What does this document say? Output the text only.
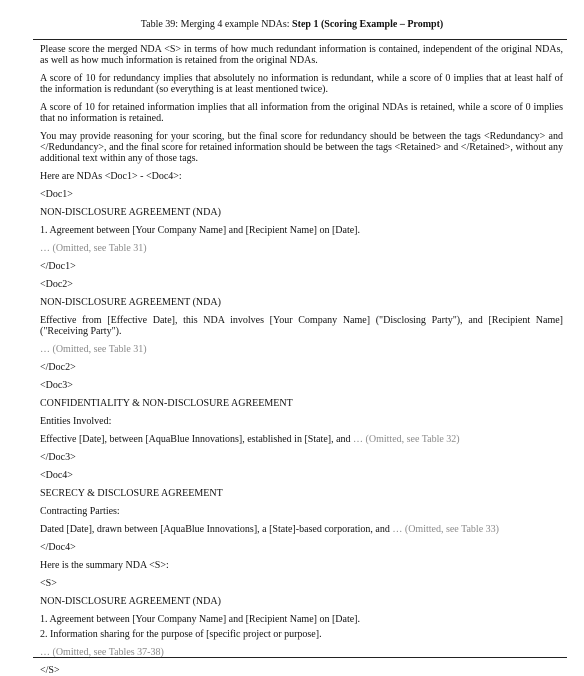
Table 39: Merging 4 example NDAs: Step 1 (Scoring Example – Prompt)

Please score the merged NDA <S> in terms of how much redundant information is contained, independent of the original NDAs, as well as how much information is retained from the original NDAs.

A score of 10 for redundancy implies that absolutely no information is redundant, while a score of 0 implies that at least half of the information is redundant (so everything is at least mentioned twice).

A score of 10 for retained information implies that all information from the original NDAs is retained, while a score of 0 implies that no information is retained.

You may provide reasoning for your scoring, but the final score for redundancy should be between the tags <Redundancy> and </Redundancy>, and the final score for retained information should be between the tags <Retained> and </Retained>, without any additional text within any of those tags.

Here are NDAs <Doc1> - <Doc4>:

<Doc1>

NON-DISCLOSURE AGREEMENT (NDA)

1. Agreement between [Your Company Name] and [Recipient Name] on [Date].

… (Omitted, see Table 31)

</Doc1>

<Doc2>

NON-DISCLOSURE AGREEMENT (NDA)

Effective from [Effective Date], this NDA involves [Your Company Name] ("Disclosing Party"), and [Recipient Name] ("Receiving Party").

… (Omitted, see Table 31)

</Doc2>

<Doc3>

CONFIDENTIALITY & NON-DISCLOSURE AGREEMENT

Entities Involved:

Effective [Date], between [AquaBlue Innovations], established in [State], and … (Omitted, see Table 32)

</Doc3>

<Doc4>

SECRECY & DISCLOSURE AGREEMENT

Contracting Parties:

Dated [Date], drawn between [AquaBlue Innovations], a [State]-based corporation, and … (Omitted, see Table 33)

</Doc4>

Here is the summary NDA <S>:

<S>

NON-DISCLOSURE AGREEMENT (NDA)

1. Agreement between [Your Company Name] and [Recipient Name] on [Date].

2. Information sharing for the purpose of [specific project or purpose].

… (Omitted, see Tables 37-38)

</S>
